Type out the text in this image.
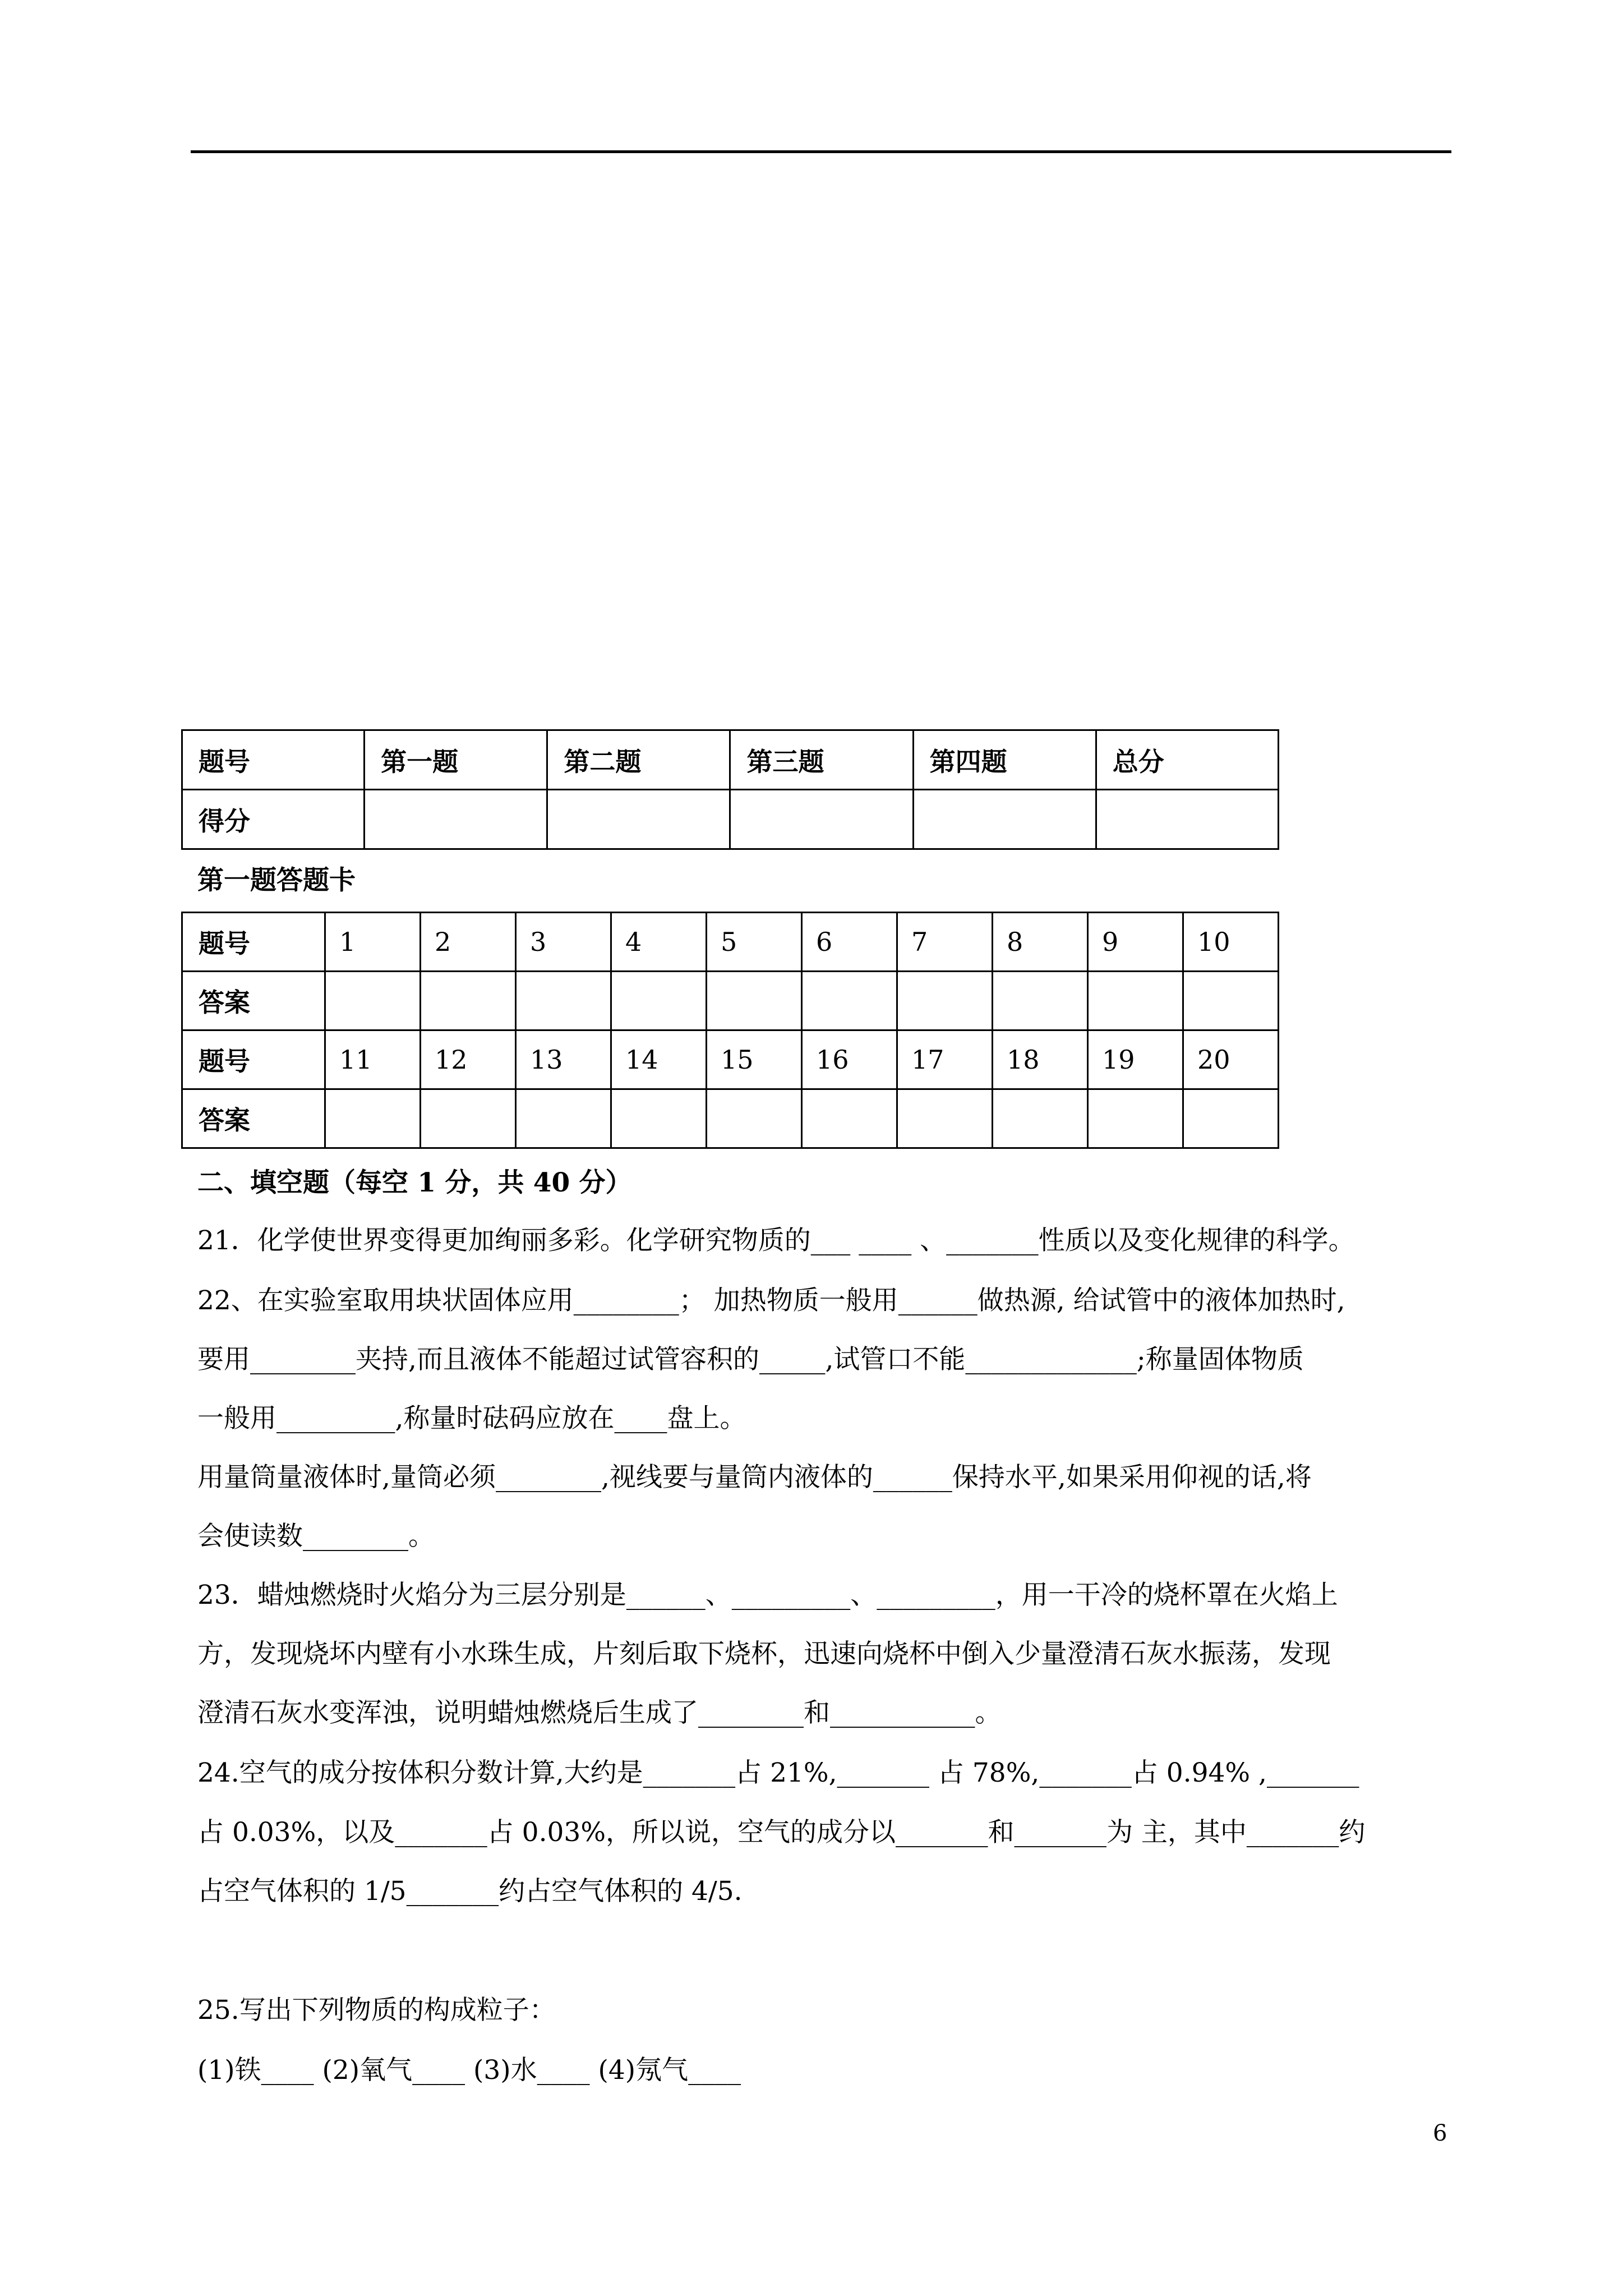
题号	第一题	第二题	第三题	第四题	总分
得分					
第一题答题卡
题号	1	2	3	4	5	6	7	8	9	10
答案										
题号	11	12	13	14	15	16	17	18	19	20
答案										
二、填空题（每空 1 分，共 40 分）
21．化学使世界变得更加绚丽多彩。化学研究物质的___ ____ 、_______性质以及变化规律的科学。
22、在实验室取用块状固体应用________； 加热物质一般用______做热源, 给试管中的液体加热时,
要用________夹持,而且液体不能超过试管容积的_____,试管口不能_____________;称量固体物质
一般用_________,称量时砝码应放在____盘上。
用量筒量液体时,量筒必须________,视线要与量筒内液体的______保持水平,如果采用仰视的话,将
会使读数________。
23．蜡烛燃烧时火焰分为三层分别是______、_________、_________，用一干冷的烧杯罩在火焰上
方，发现烧坏内壁有小水珠生成，片刻后取下烧杯，迅速向烧杯中倒入少量澄清石灰水振荡，发现
澄清石灰水变浑浊，说明蜡烛燃烧后生成了________和___________。
24.空气的成分按体积分数计算,大约是_______占 21%,_______ 占 78%,_______占 0.94% ,_______
占 0.03%，以及_______占 0.03%，所以说，空气的成分以_______和_______为 主，其中_______约
占空气体积的 1/5_______约占空气体积的 4/5.
25.写出下列物质的构成粒子：
(1)铁____ (2)氧气____ (3)水____ (4)氖气____
6
